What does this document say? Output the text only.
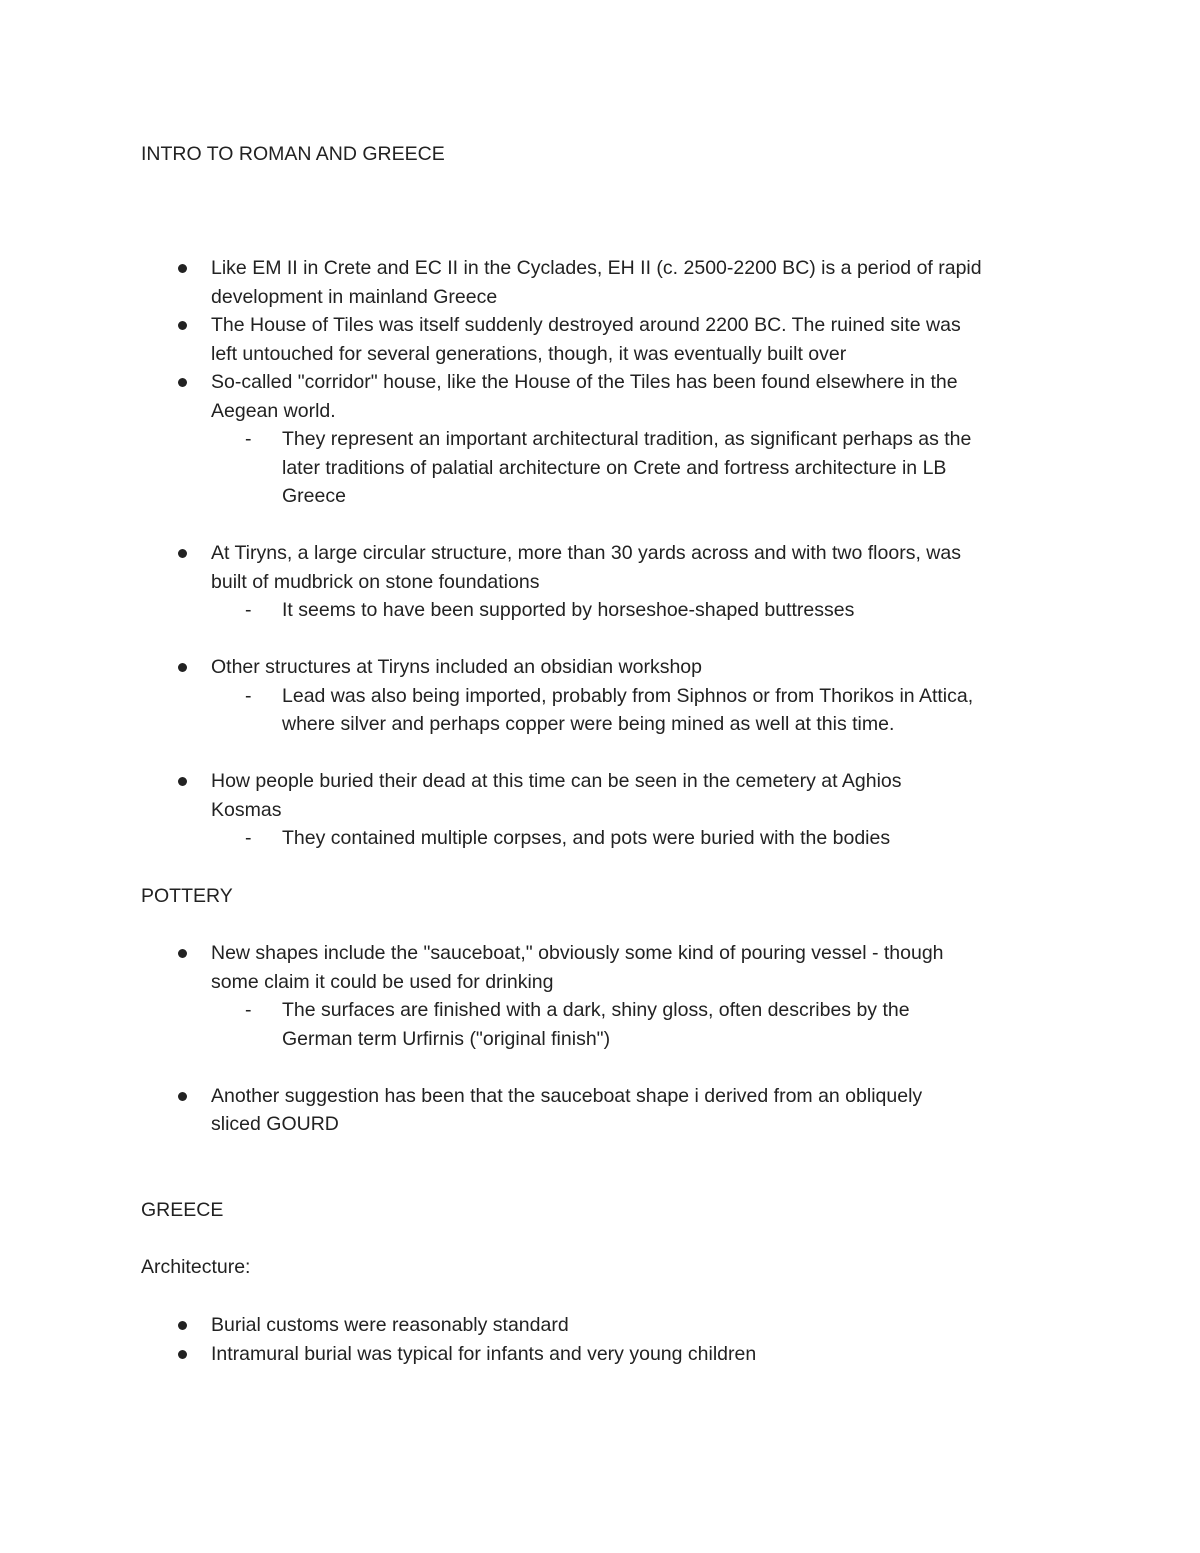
INTRO TO ROMAN AND GREECE
Like EM II in Crete and EC II in the Cyclades, EH II (c. 2500-2200 BC) is a period of rapid
development in mainland Greece
The House of Tiles was itself suddenly destroyed around 2200 BC. The ruined site was
left untouched for several generations, though, it was eventually built over
So-called "corridor" house, like the House of the Tiles has been found elsewhere in the
Aegean world.
- They represent an important architectural tradition, as significant perhaps as the
later traditions of palatial architecture on Crete and fortress architecture in LB
Greece
At Tiryns, a large circular structure, more than 30 yards across and with two floors, was
built of mudbrick on stone foundations
- It seems to have been supported by horseshoe-shaped buttresses
Other structures at Tiryns included an obsidian workshop
- Lead was also being imported, probably from Siphnos or from Thorikos in Attica,
where silver and perhaps copper were being mined as well at this time.
How people buried their dead at this time can be seen in the cemetery at Aghios
Kosmas
- They contained multiple corpses, and pots were buried with the bodies
POTTERY
New shapes include the "sauceboat," obviously some kind of pouring vessel - though
some claim it could be used for drinking
- The surfaces are finished with a dark, shiny gloss, often describes by the
German term Urfirnis ("original finish")
Another suggestion has been that the sauceboat shape i derived from an obliquely
sliced GOURD
GREECE
Architecture:
Burial customs were reasonably standard
Intramural burial was typical for infants and very young children
